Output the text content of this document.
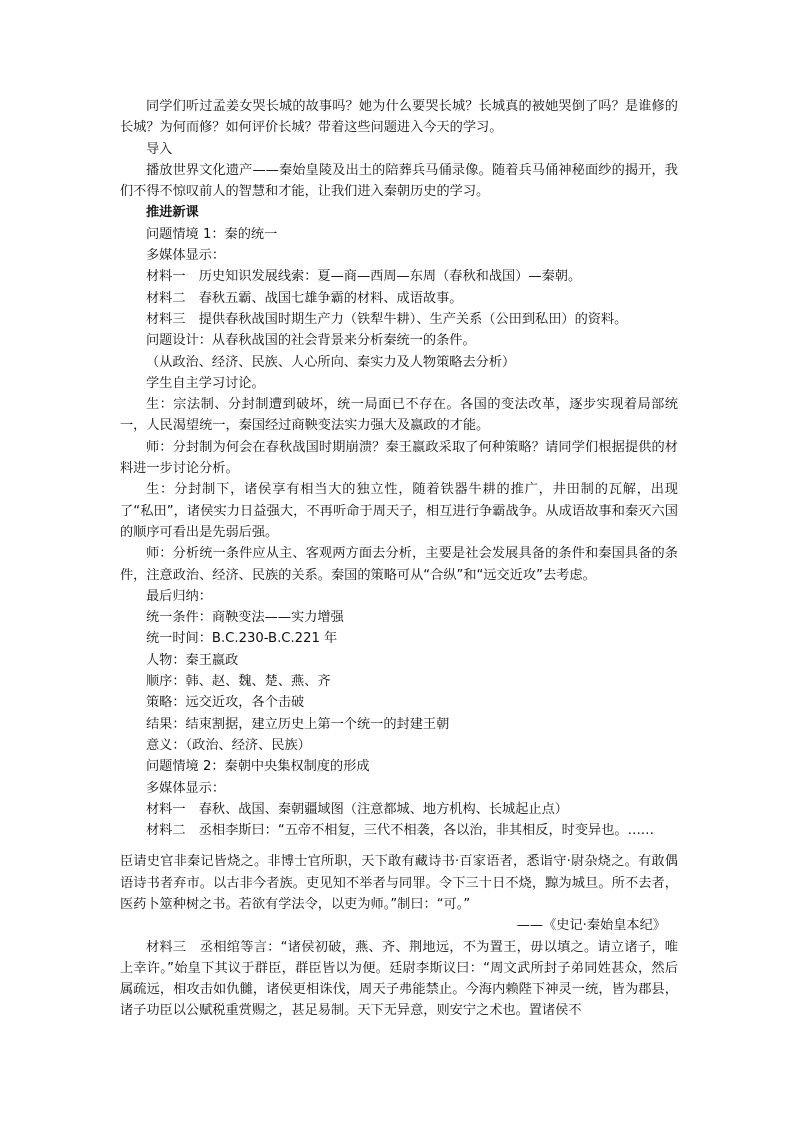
同学们听过孟姜女哭长城的故事吗？她为什么要哭长城？长城真的被她哭倒了吗？是谁修的长城？为何而修？如何评价长城？带着这些问题进入今天的学习。

导入

播放世界文化遗产——秦始皇陵及出土的陪葬兵马俑录像。随着兵马俑神秘面纱的揭开，我们不得不惊叹前人的智慧和才能，让我们进入秦朝历史的学习。

推进新课

问题情境 1：秦的统一

多媒体显示：

材料一　历史知识发展线索：夏—商—西周—东周（春秋和战国）—秦朝。

材料二　春秋五霸、战国七雄争霸的材料、成语故事。

材料三　提供春秋战国时期生产力（铁犁牛耕）、生产关系（公田到私田）的资料。

问题设计：从春秋战国的社会背景来分析秦统一的条件。

（从政治、经济、民族、人心所向、秦实力及人物策略去分析）

学生自主学习讨论。

生：宗法制、分封制遭到破坏，统一局面已不存在。各国的变法改革，逐步实现着局部统一，人民渴望统一，秦国经过商鞅变法实力强大及嬴政的才能。

师：分封制为何会在春秋战国时期崩溃？秦王嬴政采取了何种策略？请同学们根据提供的材料进一步讨论分析。

生：分封制下，诸侯享有相当大的独立性，随着铁器牛耕的推广，井田制的瓦解，出现了“私田”，诸侯实力日益强大，不再听命于周天子，相互进行争霸战争。从成语故事和秦灭六国的顺序可看出是先弱后强。

师：分析统一条件应从主、客观两方面去分析，主要是社会发展具备的条件和秦国具备的条件，注意政治、经济、民族的关系。秦国的策略可从“合纵”和“远交近攻”去考虑。

最后归纳：

统一条件：商鞅变法——实力增强

统一时间：B.C.230-B.C.221 年

人物：秦王嬴政

顺序：韩、赵、魏、楚、燕、齐

策略：远交近攻，各个击破

结果：结束割据，建立历史上第一个统一的封建王朝

意义：（政治、经济、民族）

问题情境 2：秦朝中央集权制度的形成

多媒体显示：

材料一　春秋、战国、秦朝疆域图（注意都城、地方机构、长城起止点）

材料二　丞相李斯曰：“五帝不相复，三代不相袭，各以治，非其相反，时变异也。……

臣请史官非秦记皆烧之。非博士官所职，天下敢有藏诗书·百家语者，悉诣守·尉杂烧之。有敢偶语诗书者弃市。以古非今者族。吏见知不举者与同罪。令下三十日不烧，黥为城旦。所不去者，医药卜筮种树之书。若欲有学法令，以吏为师。”制曰：“可。”

——《史记·秦始皇本纪》

材料三　丞相绾等言：“诸侯初破，燕、齐、荆地远，不为置王，毋以填之。请立诸子，唯上幸许。”始皇下其议于群臣，群臣皆以为便。廷尉李斯议曰：“周文武所封子弟同姓甚众，然后属疏远，相攻击如仇雠，诸侯更相诛伐，周天子弗能禁止。今海内赖陛下神灵一统，皆为郡县，诸子功臣以公赋税重赏赐之，甚足易制。天下无异意，则安宁之术也。置诸侯不
